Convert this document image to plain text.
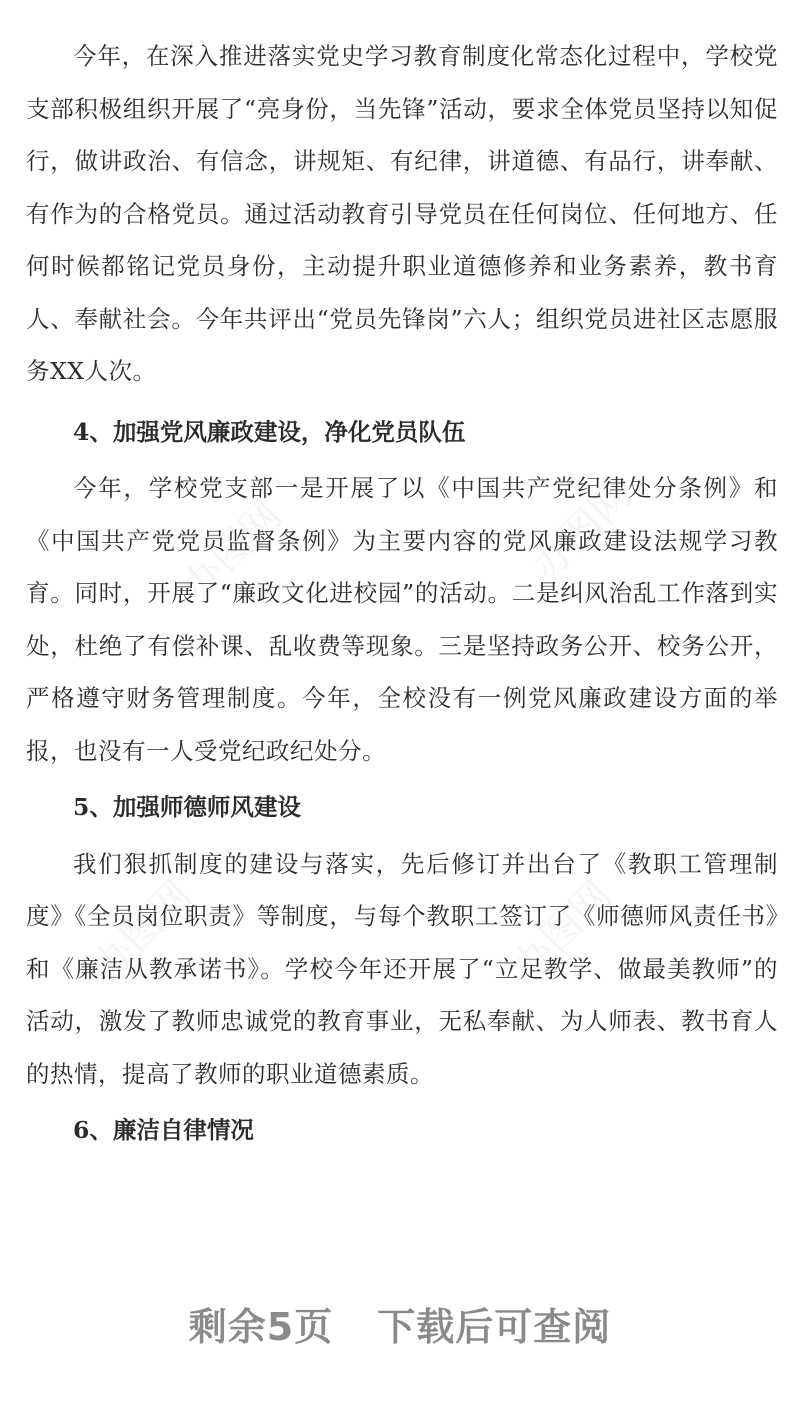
今年，在深入推进落实党史学习教育制度化常态化过程中，学校党支部积极组织开展了“亮身份，当先锋”活动，要求全体党员坚持以知促行，做讲政治、有信念，讲规矩、有纪律，讲道德、有品行，讲奉献、有作为的合格党员。通过活动教育引导党员在任何岗位、任何地方、任何时候都铭记党员身份，主动提升职业道德修养和业务素养，教书育人、奉献社会。今年共评出“党员先锋岗”六人；组织党员进社区志愿服务XX人次。

4、加强党风廉政建设，净化党员队伍

今年，学校党支部一是开展了以《中国共产党纪律处分条例》和《中国共产党党员监督条例》为主要内容的党风廉政建设法规学习教育。同时，开展了“廉政文化进校园”的活动。二是纠风治乱工作落到实处，杜绝了有偿补课、乱收费等现象。三是坚持政务公开、校务公开，严格遵守财务管理制度。今年，全校没有一例党风廉政建设方面的举报，也没有一人受党纪政纪处分。

5、加强师德师风建设

我们狠抓制度的建设与落实，先后修订并出台了《教职工管理制度》《全员岗位职责》等制度，与每个教职工签订了《师德师风责任书》和《廉洁从教承诺书》。学校今年还开展了“立足教学、做最美教师”的活动，激发了教师忠诚党的教育事业，无私奉献、为人师表、教书育人的热情，提高了教师的职业道德素质。

6、廉洁自律情况

办图网	办图网
办图网	办图网
剩余5页 下载后可查阅
